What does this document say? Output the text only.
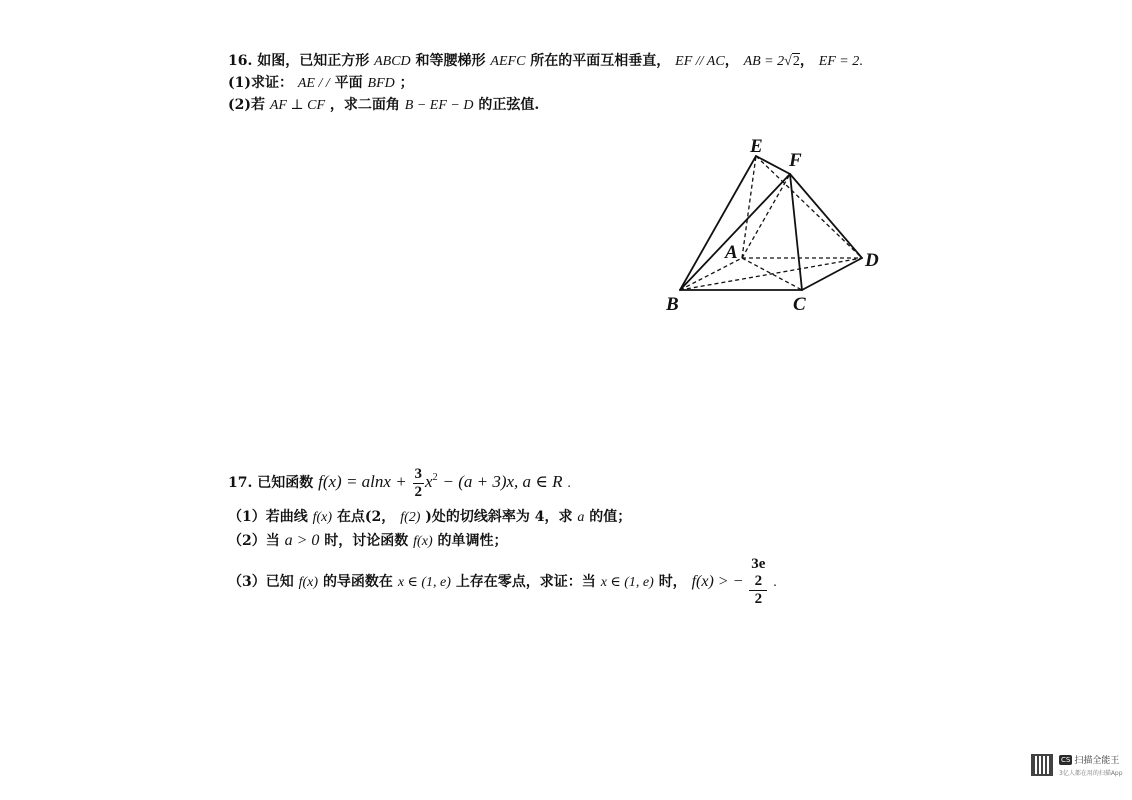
16. 如图，已知正方形 ABCD 和等腰梯形 AEFC 所在的平面互相垂直， EF // AC， AB = 2√2， EF = 2.
(1)求证： AE / / 平面 BFD ；
(2)若 AF ⊥ CF ，求二面角 B − EF − D 的正弦值.
E
F
A	D
B	C
17. 已知函数 $f(x) = alnx + \frac{3}{2} x^2 - (a + 3)x$, a ∈ R .
（1）若曲线 f(x) 在点(2， f(2) )处的切线斜率为 4，求 a 的值；
（2）当 a > 0 时，讨论函数 f(x) 的单调性；
（3）已知 f(x) 的导函数在 x ∈ (1, e) 上存在零点，求证：当 x ∈ (1, e) 时， f(x) > − 3e
2
2 .
CS 扫描全能王
3亿人都在用的扫描App
